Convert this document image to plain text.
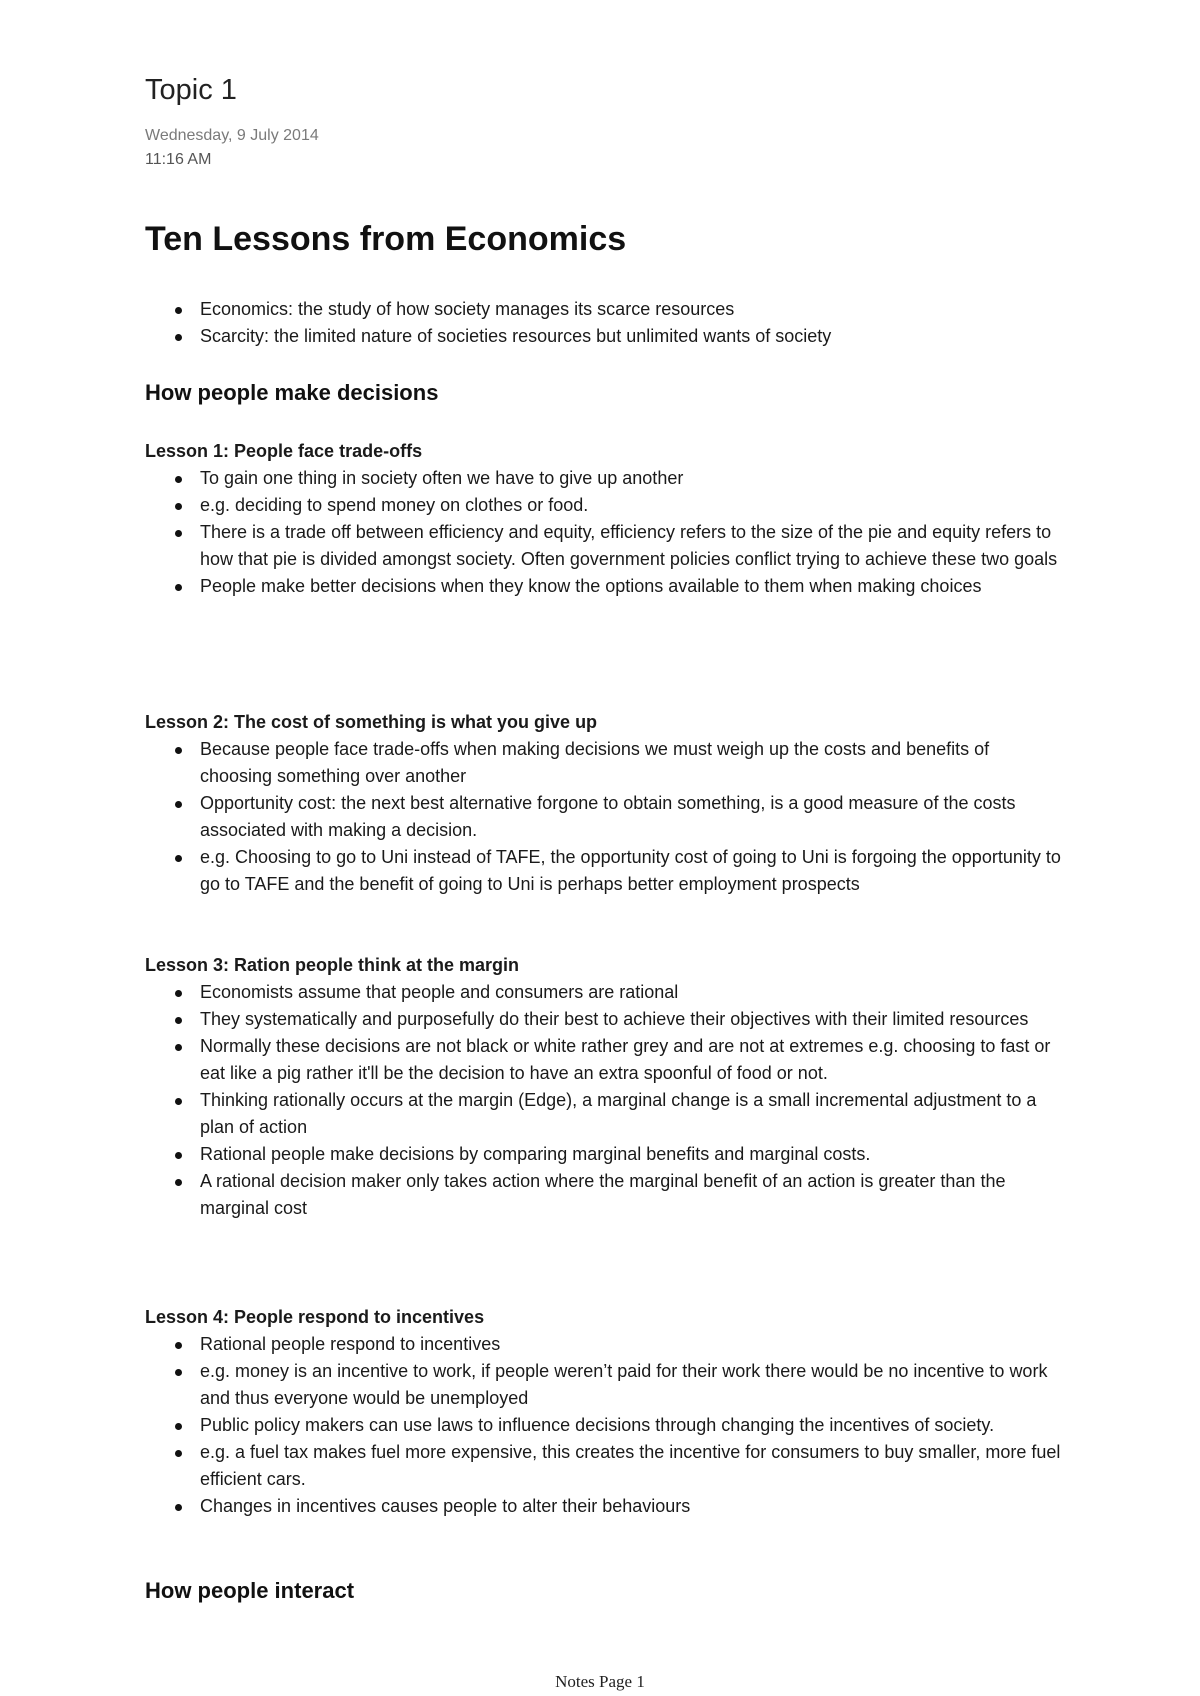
Topic 1
Wednesday, 9 July 2014
11:16 AM
Ten Lessons from Economics
Economics: the study of how society manages its scarce resources
Scarcity: the limited nature of societies resources but unlimited wants of society
How people make decisions

Lesson 1: People face trade-offs

To gain one thing in society often we have to give up another
e.g. deciding to spend money on clothes or food.
There is a trade off between efficiency and equity, efficiency refers to the size of the pie and equity refers to how that pie is divided amongst society. Often government policies conflict trying to achieve these two goals
People make better decisions when they know the options available to them when making choices

Lesson 2: The cost of something is what you give up

Because people face trade-offs when making decisions we must weigh up the costs and benefits of choosing something over another
Opportunity cost: the next best alternative forgone to obtain something, is a good measure of the costs associated with making a decision.
e.g. Choosing to go to Uni instead of TAFE, the opportunity cost of going to Uni is forgoing the opportunity to go to TAFE and the benefit of going to Uni is perhaps better employment prospects

Lesson 3: Ration people think at the margin

Economists assume that people and consumers are rational
They systematically and purposefully do their best to achieve their objectives with their limited resources
Normally these decisions are not black or white rather grey and are not at extremes e.g. choosing to fast or eat like a pig rather it'll be the decision to have an extra spoonful of food or not.
Thinking rationally occurs at the margin (Edge), a marginal change is a small incremental adjustment to a plan of action
Rational people make decisions by comparing marginal benefits and marginal costs.
A rational decision maker only takes action where the marginal benefit of an action is greater than the marginal cost

Lesson 4: People respond to incentives

Rational people respond to incentives
e.g. money is an incentive to work, if people weren’t paid for their work there would be no incentive to work and thus everyone would be unemployed
Public policy makers can use laws to influence decisions through changing the incentives of society.
e.g. a fuel tax makes fuel more expensive, this creates the incentive for consumers to buy smaller, more fuel efficient cars.
Changes in incentives causes people to alter their behaviours
How people interact
Notes Page 1
